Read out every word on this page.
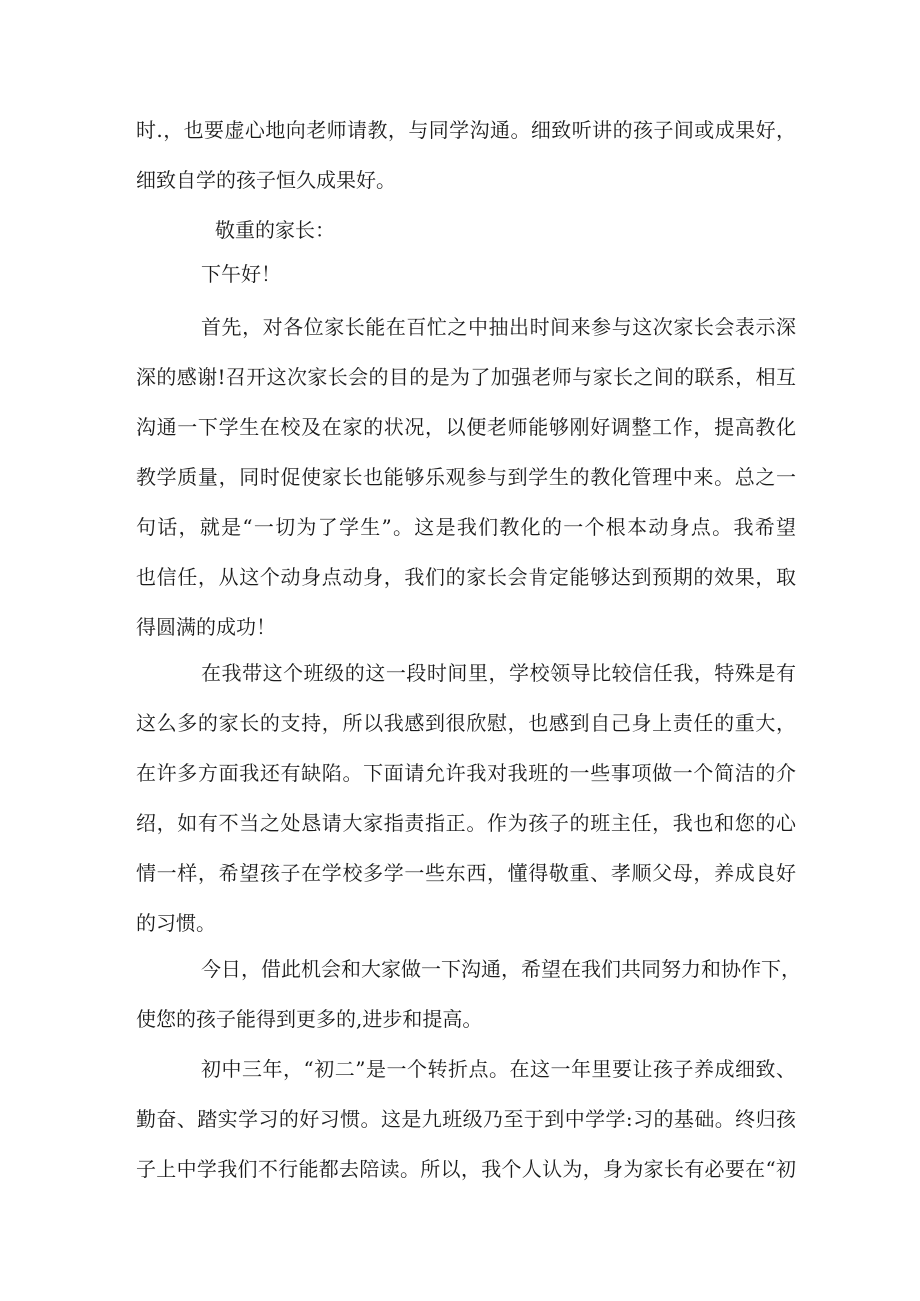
时.，也要虚心地向老师请教，与同学沟通。细致听讲的孩子间或成果好，

细致自学的孩子恒久成果好。

敬重的家长：

下午好！

首先，对各位家长能在百忙之中抽出时间来参与这次家长会表示深

深的感谢!召开这次家长会的目的是为了加强老师与家长之间的联系，相互

沟通一下学生在校及在家的状况，以便老师能够刚好调整工作，提高教化

教学质量，同时促使家长也能够乐观参与到学生的教化管理中来。总之一

句话，就是“一切为了学生”。这是我们教化的一个根本动身点。我希望

也信任，从这个动身点动身，我们的家长会肯定能够达到预期的效果，取

得圆满的成功！

在我带这个班级的这一段时间里，学校领导比较信任我，特殊是有

这么多的家长的支持，所以我感到很欣慰，也感到自己身上责任的重大，

在许多方面我还有缺陷。下面请允许我对我班的一些事项做一个简洁的介

绍，如有不当之处恳请大家指责指正。作为孩子的班主任，我也和您的心

情一样，希望孩子在学校多学一些东西，懂得敬重、孝顺父母，养成良好

的习惯。

今日，借此机会和大家做一下沟通，希望在我们共同努力和协作下，

使您的孩子能得到更多的,进步和提高。

初中三年，“初二”是一个转折点。在这一年里要让孩子养成细致、

勤奋、踏实学习的好习惯。这是九班级乃至于到中学学:习的基础。终归孩

子上中学我们不行能都去陪读。所以，我个人认为，身为家长有必要在“初
